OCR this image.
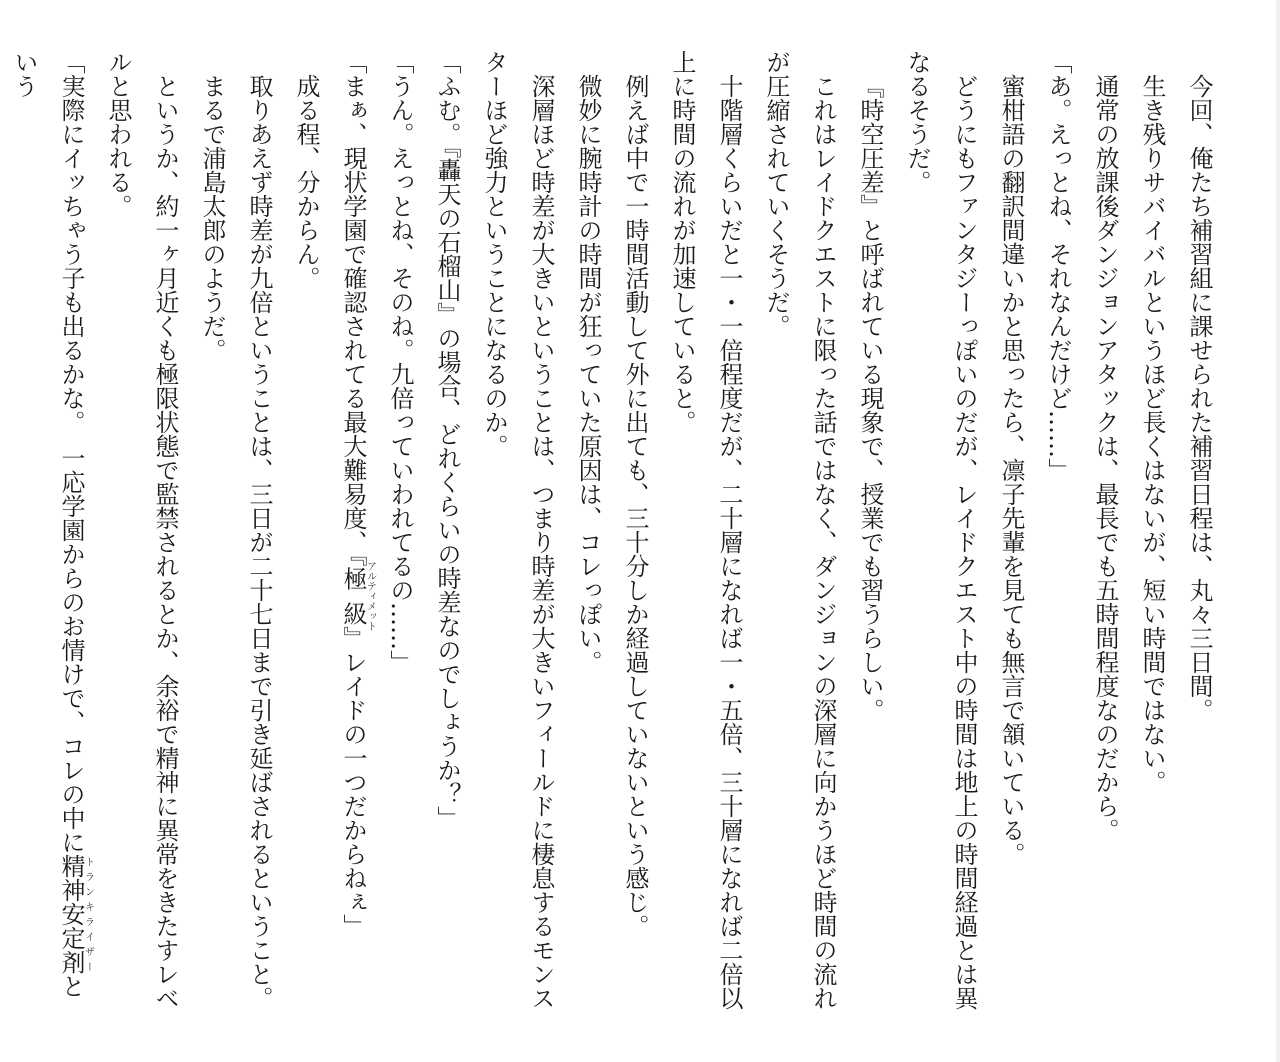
今回、俺たち補習組に課せられた補習日程は、丸々三日間。

生き残りサバイバルというほど長くはないが、短い時間ではない。

通常の放課後ダンジョンアタックは、最長でも五時間程度なのだから。

「あ。えっとね、それなんだけど……」

蜜柑語の翻訳間違いかと思ったら、凛子先輩を見ても無言で頷いている。

どうにもファンタジーっぽいのだが、レイドクエスト中の時間は地上の時間経過とは異なるそうだ。

『時空圧差』と呼ばれている現象で、授業でも習うらしい。

これはレイドクエストに限った話ではなく、ダンジョンの深層に向かうほど時間の流れが圧縮されていくそうだ。

十階層くらいだと一・一倍程度だが、二十層になれば一・五倍、三十層になれば二倍以上に時間の流れが加速していると。

例えば中で一時間活動して外に出ても、三十分しか経過していないという感じ。

微妙に腕時計の時間が狂っていた原因は、コレっぽい。

深層ほど時差が大きいということは、つまり時差が大きいフィールドに棲息するモンスターほど強力ということになるのか。

「ふむ。『轟天の石榴山』の場合、どれくらいの時差なのでしょうか？」

「うん。えっとね、そのね。九倍っていわれてるの……」

「まぁ、現状学園で確認されてる最大難易度、『極級アルティメット』レイドの一つだからねぇ」

成る程、分からん。

取りあえず時差が九倍ということは、三日が二十七日まで引き延ばされるということ。

まるで浦島太郎のようだ。

というか、約一ヶ月近くも極限状態で監禁されるとか、余裕で精神に異常をきたすレベルと思われる。

「実際にイッちゃう子も出るかな。　一応学園からのお情けで、コレの中に精神安定剤トランキライザーという
